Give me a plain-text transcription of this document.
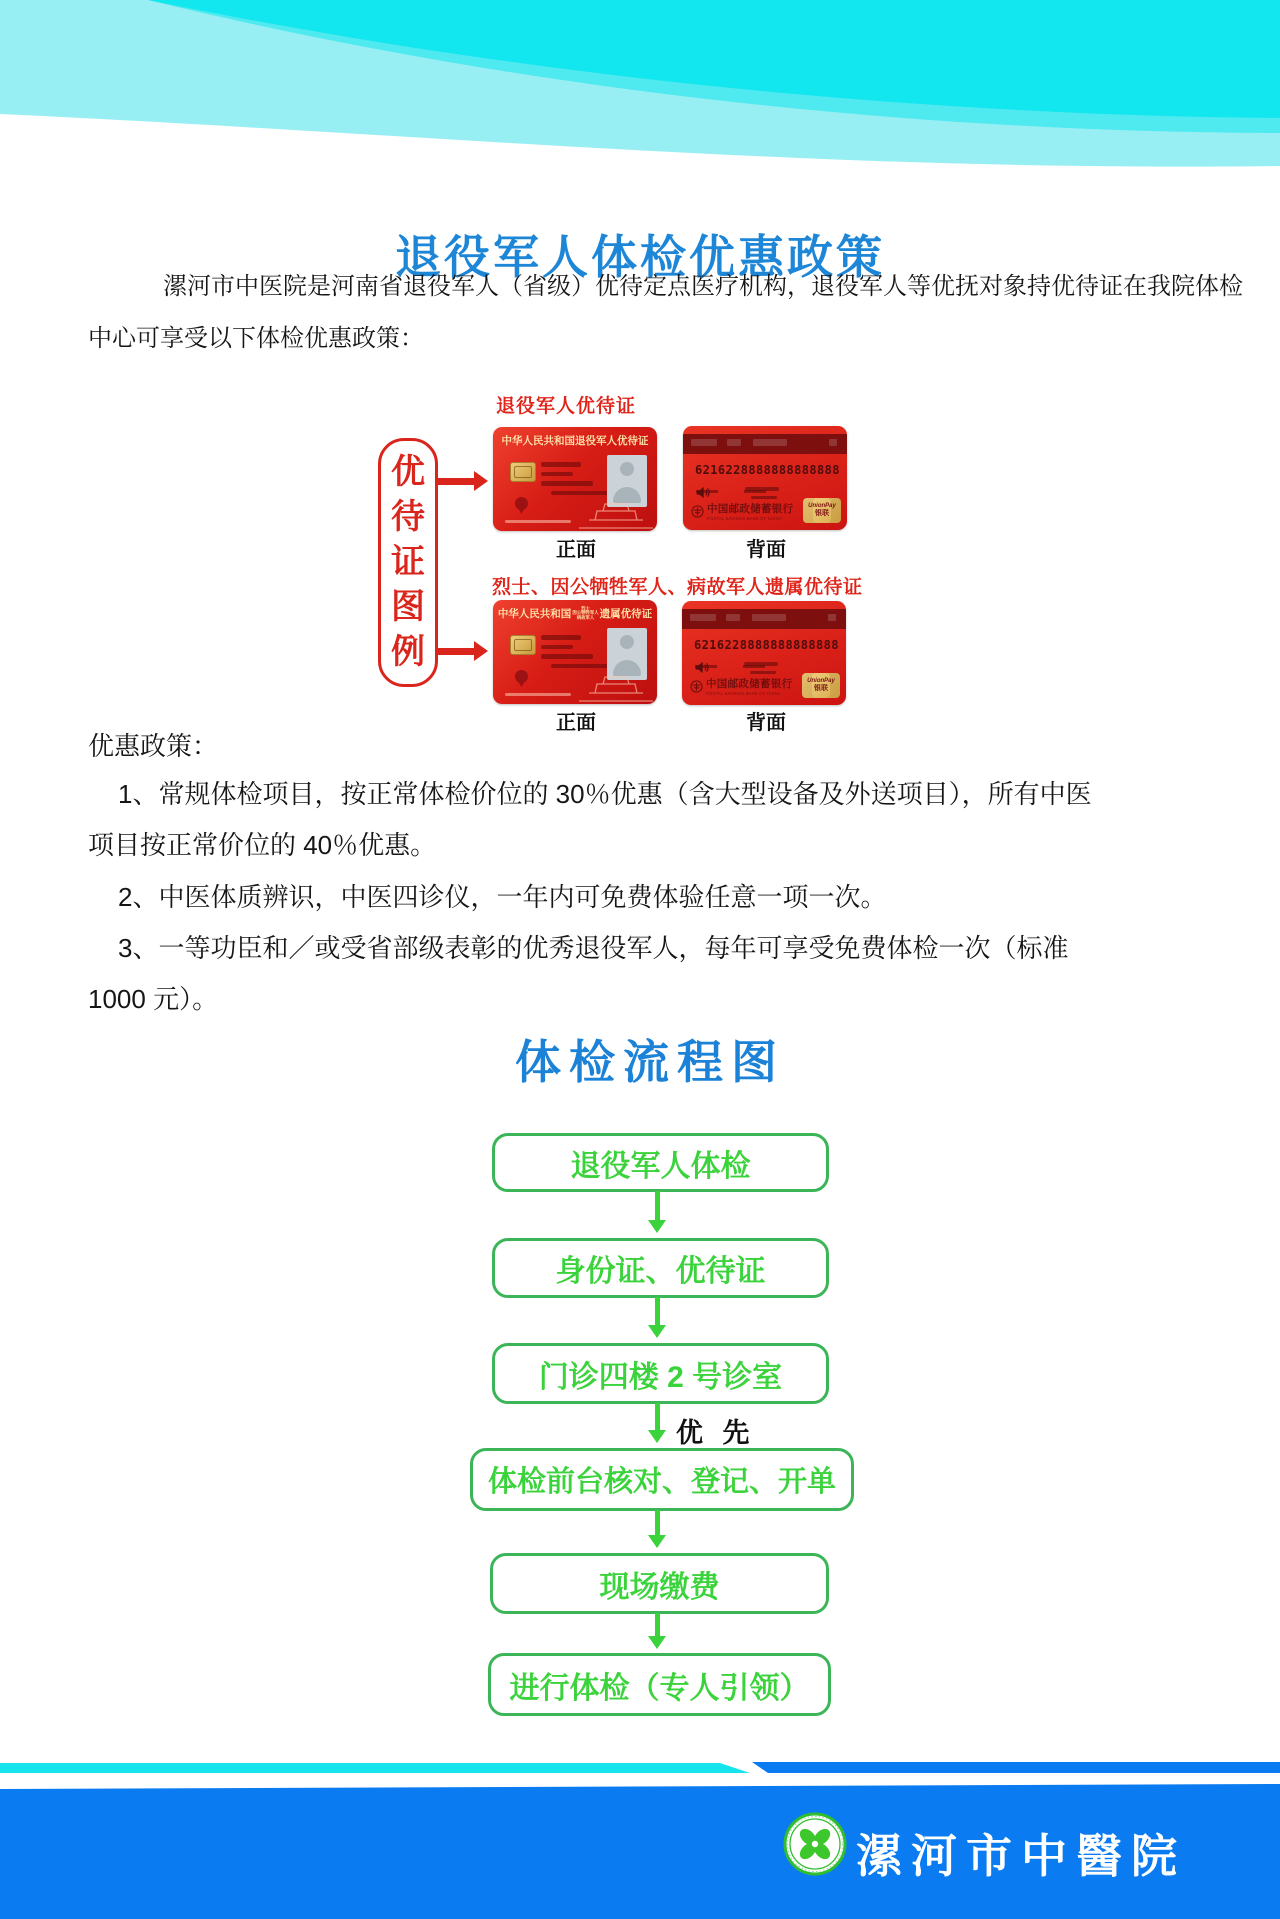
退役军人体检优惠政策
漯河市中医院是河南省退役军人（省级）优待定点医疗机构，退役军人等优抚对象持优待证在我院体检
中心可享受以下体检优惠政策：
优
待
证
图
例
退役军人优待证
中华人民共和国退役军人优待证
6216228888888888888
中国邮政储蓄银行
POSTAL SAVINGS BANK OF CHINA
UnionPay
银联
正面	背面
烈士、因公牺牲军人、病故军人遗属优待证
中华人民共和国	烈士
因公牺牲军人
病故军人 遗属优待证
6216228888888888888
中国邮政储蓄银行
POSTAL SAVINGS BANK OF CHINA
UnionPay
银联
正面	背面
优惠政策：
1、常规体检项目，按正常体检价位的 30％优惠（含大型设备及外送项目），所有中医
项目按正常价位的 40％优惠。
2、中医体质辨识，中医四诊仪，一年内可免费体验任意一项一次。
3、一等功臣和／或受省部级表彰的优秀退役军人，每年可享受免费体检一次（标准
1000 元）。
体检流程图
退役军人体检
身份证、优待证
门诊四楼 2 号诊室
优 先
体检前台核对、登记、开单
现场缴费
进行体检（专人引领）
漯河市中醫院
